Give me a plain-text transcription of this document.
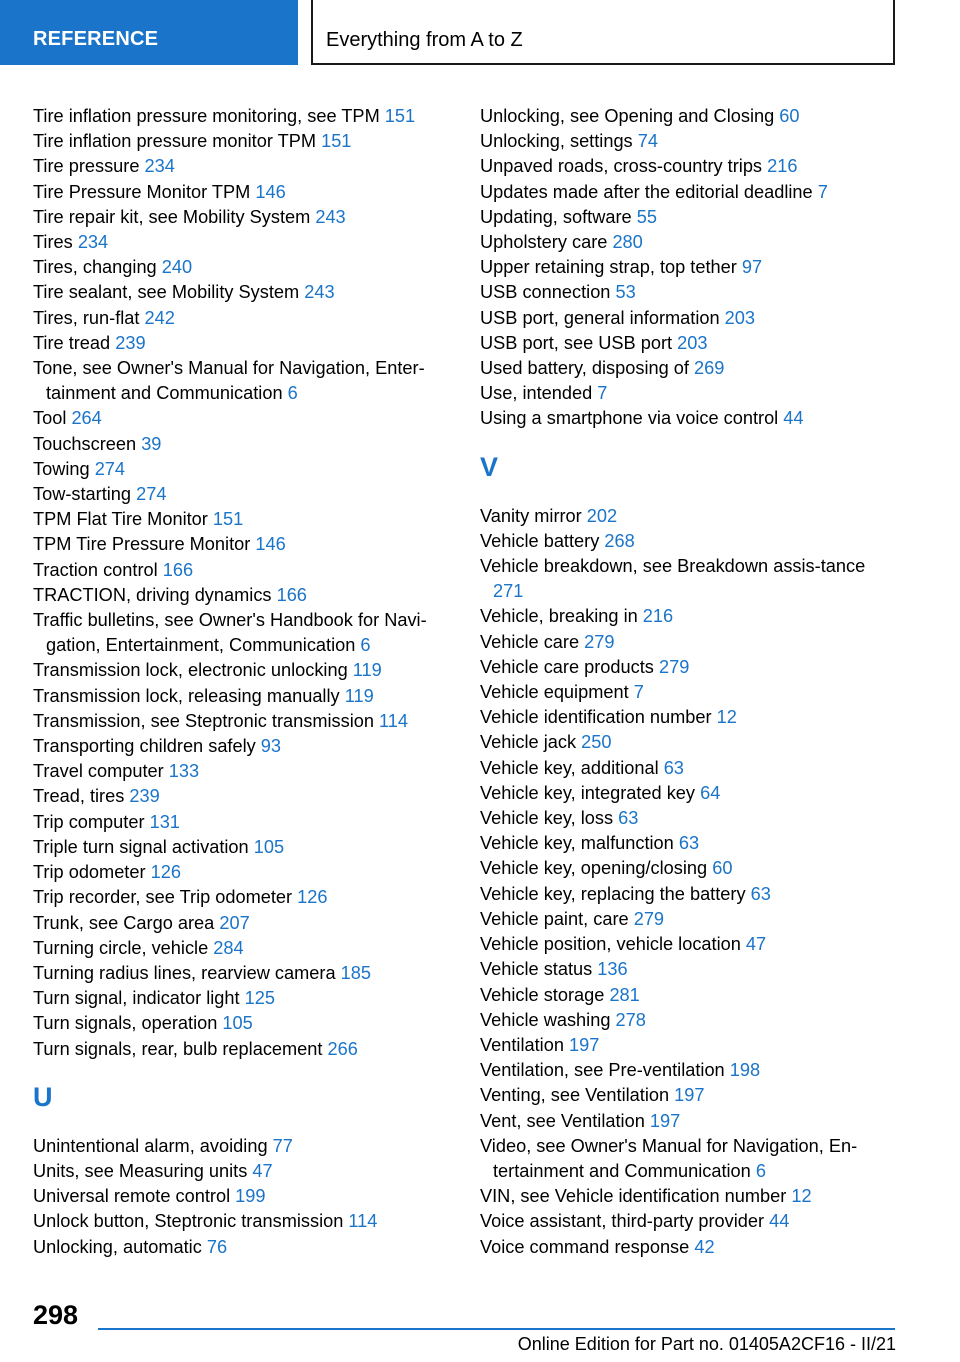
REFERENCE	Everything from A to Z
Tire inflation pressure monitoring, see TPM 151
Tire inflation pressure monitor TPM 151
Tire pressure 234
Tire Pressure Monitor TPM 146
Tire repair kit, see Mobility System 243
Tires 234
Tires, changing 240
Tire sealant, see Mobility System 243
Tires, run-flat 242
Tire tread 239
Tone, see Owner's Manual for Navigation, Enter‐tainment and Communication 6
Tool 264
Touchscreen 39
Towing 274
Tow-starting 274
TPM Flat Tire Monitor 151
TPM Tire Pressure Monitor 146
Traction control 166
TRACTION, driving dynamics 166
Traffic bulletins, see Owner's Handbook for Navi‐gation, Entertainment, Communication 6
Transmission lock, electronic unlocking 119
Transmission lock, releasing manually 119
Transmission, see Steptronic transmission 114
Transporting children safely 93
Travel computer 133
Tread, tires 239
Trip computer 131
Triple turn signal activation 105
Trip odometer 126
Trip recorder, see Trip odometer 126
Trunk, see Cargo area 207
Turning circle, vehicle 284
Turning radius lines, rearview camera 185
Turn signal, indicator light 125
Turn signals, operation 105
Turn signals, rear, bulb replacement 266
U
Unintentional alarm, avoiding 77
Units, see Measuring units 47
Universal remote control 199
Unlock button, Steptronic transmission 114
Unlocking, automatic 76
Unlocking, see Opening and Closing 60
Unlocking, settings 74
Unpaved roads, cross-country trips 216
Updates made after the editorial deadline 7
Updating, software 55
Upholstery care 280
Upper retaining strap, top tether 97
USB connection 53
USB port, general information 203
USB port, see USB port 203
Used battery, disposing of 269
Use, intended 7
Using a smartphone via voice control 44
V
Vanity mirror 202
Vehicle battery 268
Vehicle breakdown, see Breakdown assis‐tance 271
Vehicle, breaking in 216
Vehicle care 279
Vehicle care products 279
Vehicle equipment 7
Vehicle identification number 12
Vehicle jack 250
Vehicle key, additional 63
Vehicle key, integrated key 64
Vehicle key, loss 63
Vehicle key, malfunction 63
Vehicle key, opening/closing 60
Vehicle key, replacing the battery 63
Vehicle paint, care 279
Vehicle position, vehicle location 47
Vehicle status 136
Vehicle storage 281
Vehicle washing 278
Ventilation 197
Ventilation, see Pre-ventilation 198
Venting, see Ventilation 197
Vent, see Ventilation 197
Video, see Owner's Manual for Navigation, En‐tertainment and Communication 6
VIN, see Vehicle identification number 12
Voice assistant, third-party provider 44
Voice command response 42
298
Online Edition for Part no. 01405A2CF16 - II/21
